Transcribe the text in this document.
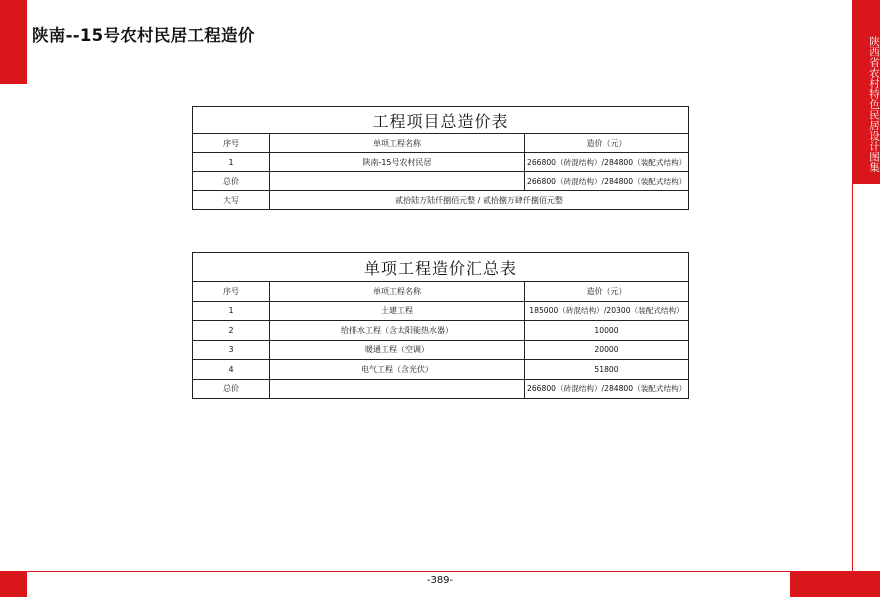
陕西省农村特色民居设计图集
陕南--15号农村民居工程造价
工程项目总造价表		
序号	单项工程名称	造价（元）
1	陕南-15号农村民居	266800（砖混结构）/284800（装配式结构）
总价		266800（砖混结构）/284800（装配式结构）
大写	贰拾陆万陆仟捌佰元整 / 贰拾捌万肆仟捌佰元整	
单项工程造价汇总表		
序号	单项工程名称	造价（元）
1	土建工程	185000（砖混结构）/20300（装配式结构）
2	给排水工程（含太阳能热水器）	10000
3	暖通工程（空调）	20000
4	电气工程（含光伏）	51800
总价		266800（砖混结构）/284800（装配式结构）
-389-
